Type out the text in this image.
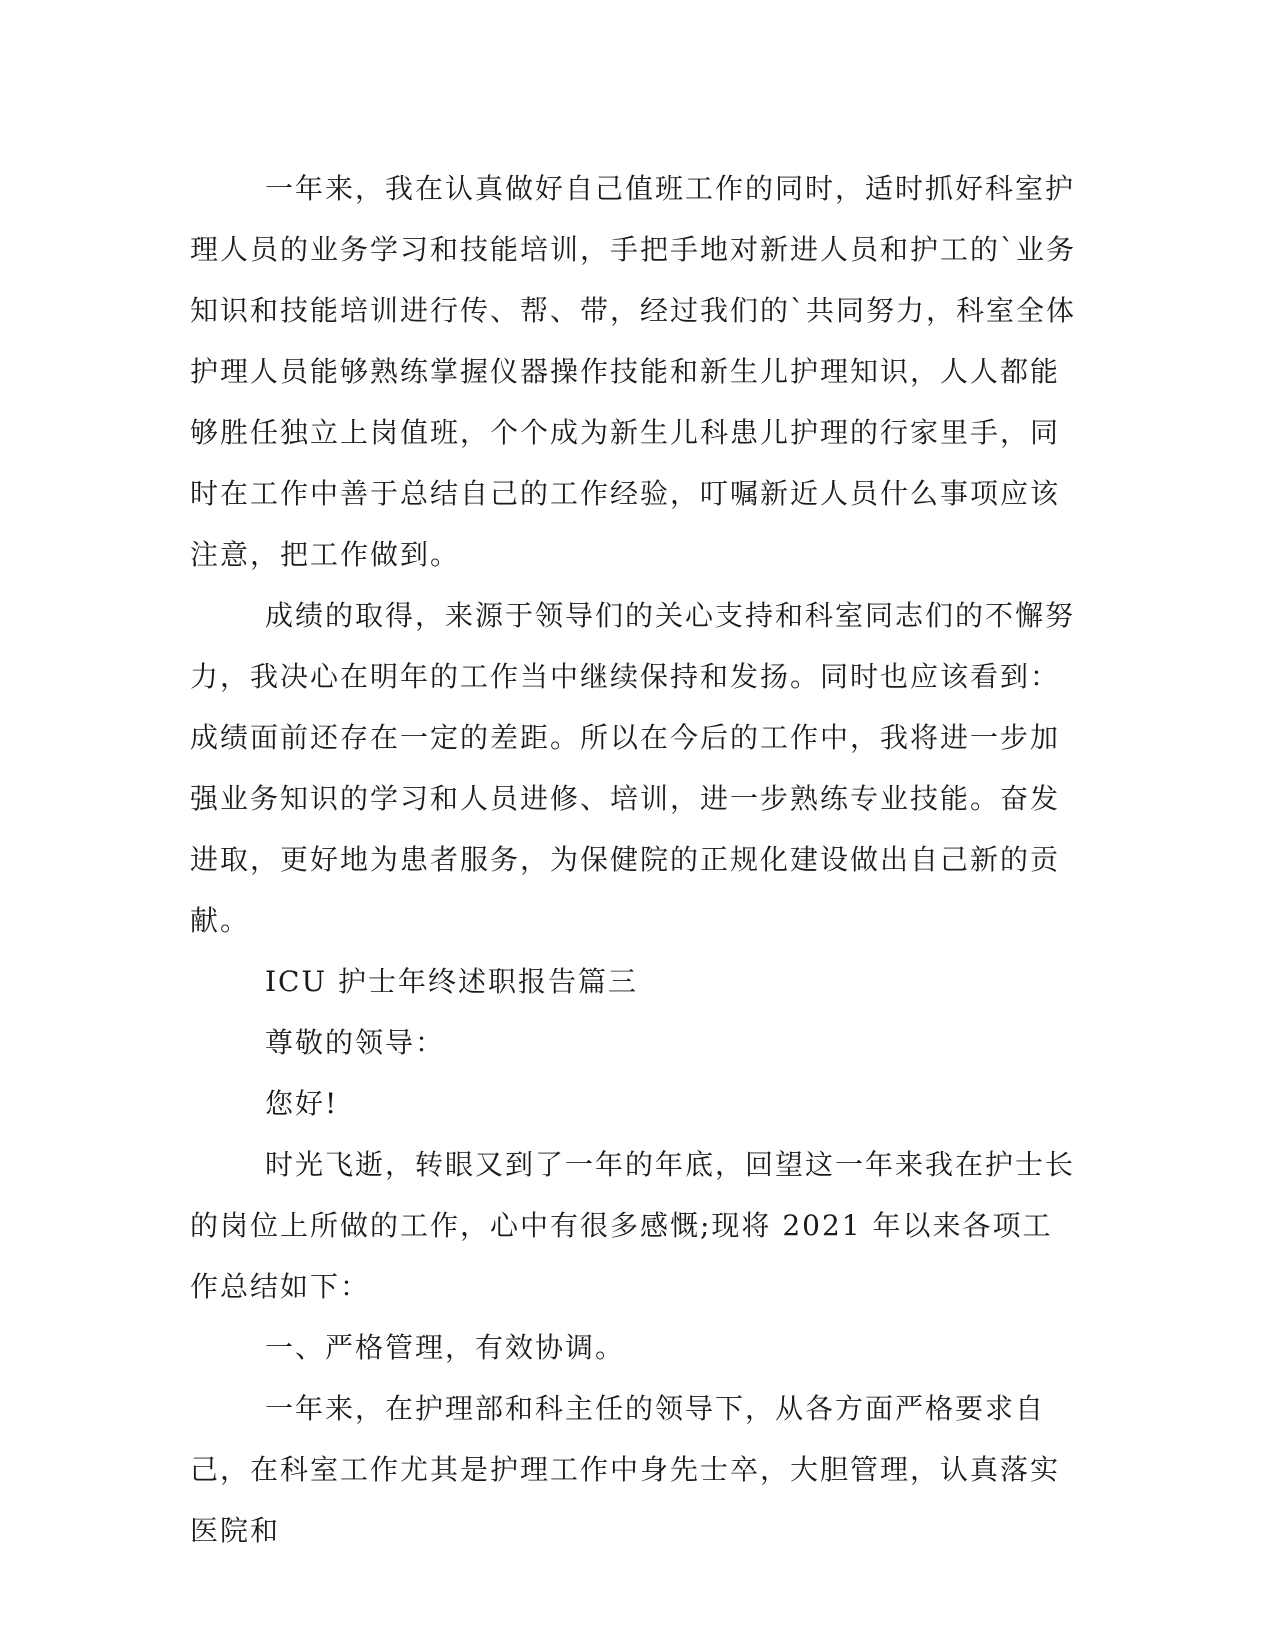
一年来，我在认真做好自己值班工作的同时，适时抓好科室护理人员的业务学习和技能培训，手把手地对新进人员和护工的`业务知识和技能培训进行传、帮、带，经过我们的`共同努力，科室全体护理人员能够熟练掌握仪器操作技能和新生儿护理知识，人人都能够胜任独立上岗值班，个个成为新生儿科患儿护理的行家里手，同时在工作中善于总结自己的工作经验，叮嘱新近人员什么事项应该注意，把工作做到。

成绩的取得，来源于领导们的关心支持和科室同志们的不懈努力，我决心在明年的工作当中继续保持和发扬。同时也应该看到：成绩面前还存在一定的差距。所以在今后的工作中，我将进一步加强业务知识的学习和人员进修、培训，进一步熟练专业技能。奋发进取，更好地为患者服务，为保健院的正规化建设做出自己新的贡献。

ICU 护士年终述职报告篇三

尊敬的领导：

您好!

时光飞逝，转眼又到了一年的年底，回望这一年来我在护士长的岗位上所做的工作，心中有很多感慨;现将 2021 年以来各项工作总结如下：

一、严格管理，有效协调。

一年来，在护理部和科主任的领导下，从各方面严格要求自己，在科室工作尤其是护理工作中身先士卒，大胆管理，认真落实医院和
